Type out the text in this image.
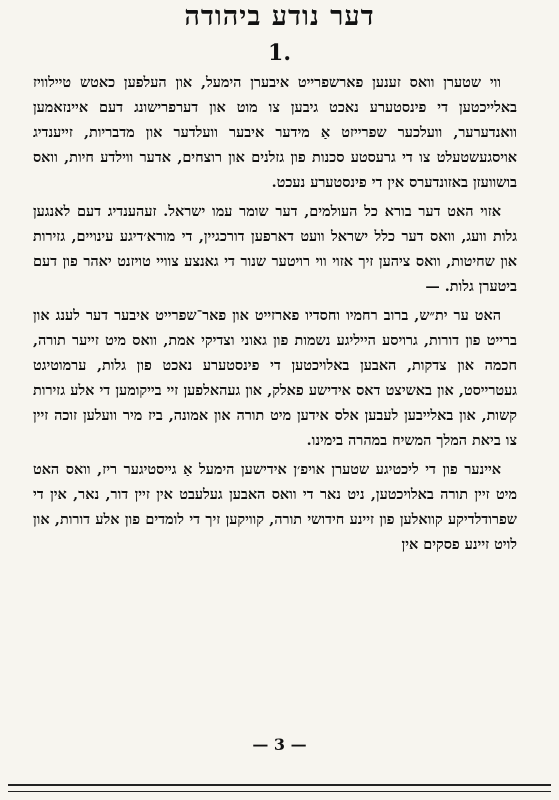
דער נודע ביהודה
1.

ווי שטערן וואס זענען פארשפרייט איבערן הימעל, און העלפען כאטש טיילוויז באלייכטען די פינסטערע נאכט גיבען צו מוט און דערפרישונג דעם איינזאמען וואנדערער, וועלכער שפרייזט אַ מידער איבער וועלדער און מדבריות, זייענדיג אויסגעשטעלט צו די גרעסטע סכנות פון גזלנים און רוצחים, אדער ווילדע חיות, וואס בושוועזן באזונדערס אין די פינסטערע נעכט.

אזוי האט דער בורא כל העולמים, דער שומר עמו ישראל. זעהענדיג דעם לאנגען גלות וועג, וואס דער כלל ישראל וועט דארפען דורכגיין, די מורא׳דיגע עינויים, גזירות און שחיטות, וואס ציהען זיך אזוי ווי רויטער שנור די גאנצע צוויי טויזנט יאהר פון דעם ביטערן גלות. —

האט ער ית״ש, ברוב רחמיו וחסדיו פארזייט און פאר־שפרייט איבער דער לענג און ברייט פון דורות, גרויסע הייליגע נשמות פון גאוני וצדיקי אמת, וואס מיט זייער תורה, חכמה און צדקות, האבען באלויכטען די פינסטערע נאכט פון גלות, ערמוטיגט געטרייסט, און באשיצט דאס אידישע פאלק, און געהאלפען זיי בייקומען די אלע גזירות קשות, און באלייבען לעבען אלס אידען מיט תורה און אמונה, ביז מיר וועלען זוכה זיין צו ביאת המלך המשיח במהרה בימינו.

איינער פון די ליכטיגע שטערן אויפ׳ן אידישען הימעל אַ גייסטיגער ריז, וואס האט מיט זיין תורה באלויכטען, ניט נאר די וואס האבען געלעבט אין זיין דור, נאר, אין די שפרודלדיקע קוואלען פון זיינע חידושי תורה, קוויקען זיך די לומדים פון אלע דורות, און לויט זיינע פסקים אין

— 3 —
